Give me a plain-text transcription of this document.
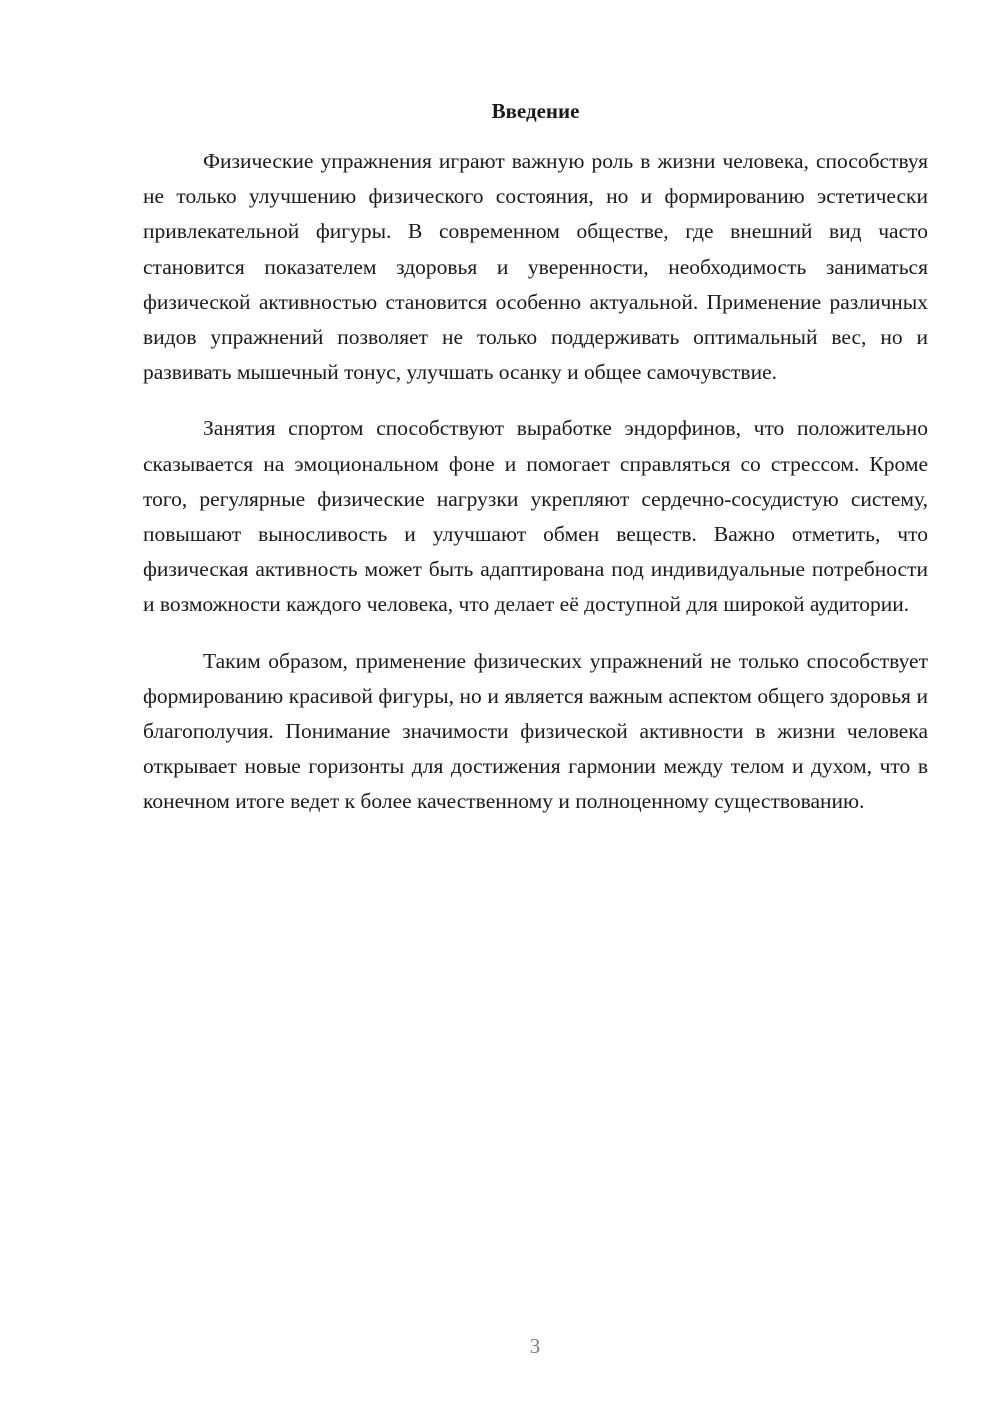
Введение

Физические упражнения играют важную роль в жизни человека, способствуя не только улучшению физического состояния, но и формированию эстетически привлекательной фигуры. В современном обществе, где внешний вид часто становится показателем здоровья и уверенности, необходимость заниматься физической активностью становится особенно актуальной. Применение различных видов упражнений позволяет не только поддерживать оптимальный вес, но и развивать мышечный тонус, улучшать осанку и общее самочувствие.

Занятия спортом способствуют выработке эндорфинов, что положительно сказывается на эмоциональном фоне и помогает справляться со стрессом. Кроме того, регулярные физические нагрузки укрепляют сердечно-сосудистую систему, повышают выносливость и улучшают обмен веществ. Важно отметить, что физическая активность может быть адаптирована под индивидуальные потребности и возможности каждого человека, что делает её доступной для широкой аудитории.

Таким образом, применение физических упражнений не только способствует формированию красивой фигуры, но и является важным аспектом общего здоровья и благополучия. Понимание значимости физической активности в жизни человека открывает новые горизонты для достижения гармонии между телом и духом, что в конечном итоге ведет к более качественному и полноценному существованию.

3
